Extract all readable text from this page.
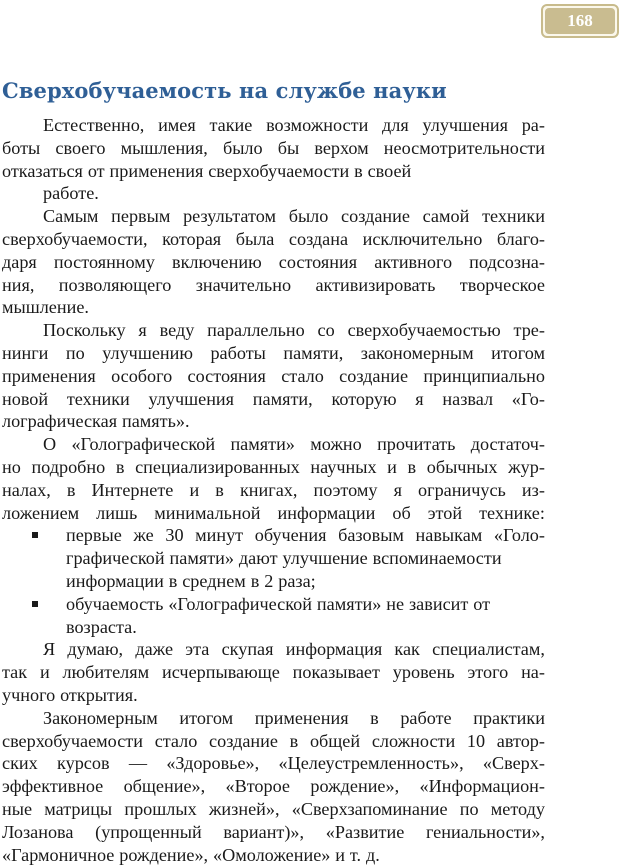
168
Сверхобучаемость на службе науки
Естественно, имея такие возможности для улучшения ра-
боты своего мышления, было бы верхом неосмотрительности
отказаться от применения сверхобучаемости в своей
работе.
Самым первым результатом было создание самой техники
сверхобучаемости, которая была создана исключительно благо-
даря постоянному включению состояния активного подсозна-
ния, позволяющего значительно активизировать творческое
мышление.
Поскольку я веду параллельно со сверхобучаемостью тре-
нинги по улучшению работы памяти, закономерным итогом
применения особого состояния стало создание принципиально
новой техники улучшения памяти, которую я назвал «Го-
лографическая память».
О «Голографической памяти» можно прочитать достаточ-
но подробно в специализированных научных и в обычных жур-
налах, в Интернете и в книгах, поэтому я ограничусь из-
ложением лишь минимальной информации об этой технике:
первые же 30 минут обучения базовым навыкам «Голо-
графической памяти» дают улучшение вспоминаемости
информации в среднем в 2 раза;
обучаемость «Голографической памяти» не зависит от
возраста.
Я думаю, даже эта скупая информация как специалистам,
так и любителям исчерпывающе показывает уровень этого на-
учного открытия.
Закономерным итогом применения в работе практики
сверхобучаемости стало создание в общей сложности 10 автор-
ских курсов — «Здоровье», «Целеустремленность», «Сверх-
эффективное общение», «Второе рождение», «Информацион-
ные матрицы прошлых жизней», «Сверхзапоминание по методу
Лозанова (упрощенный вариант)», «Развитие гениальности»,
«Гармоничное рождение», «Омоложение» и т. д.
